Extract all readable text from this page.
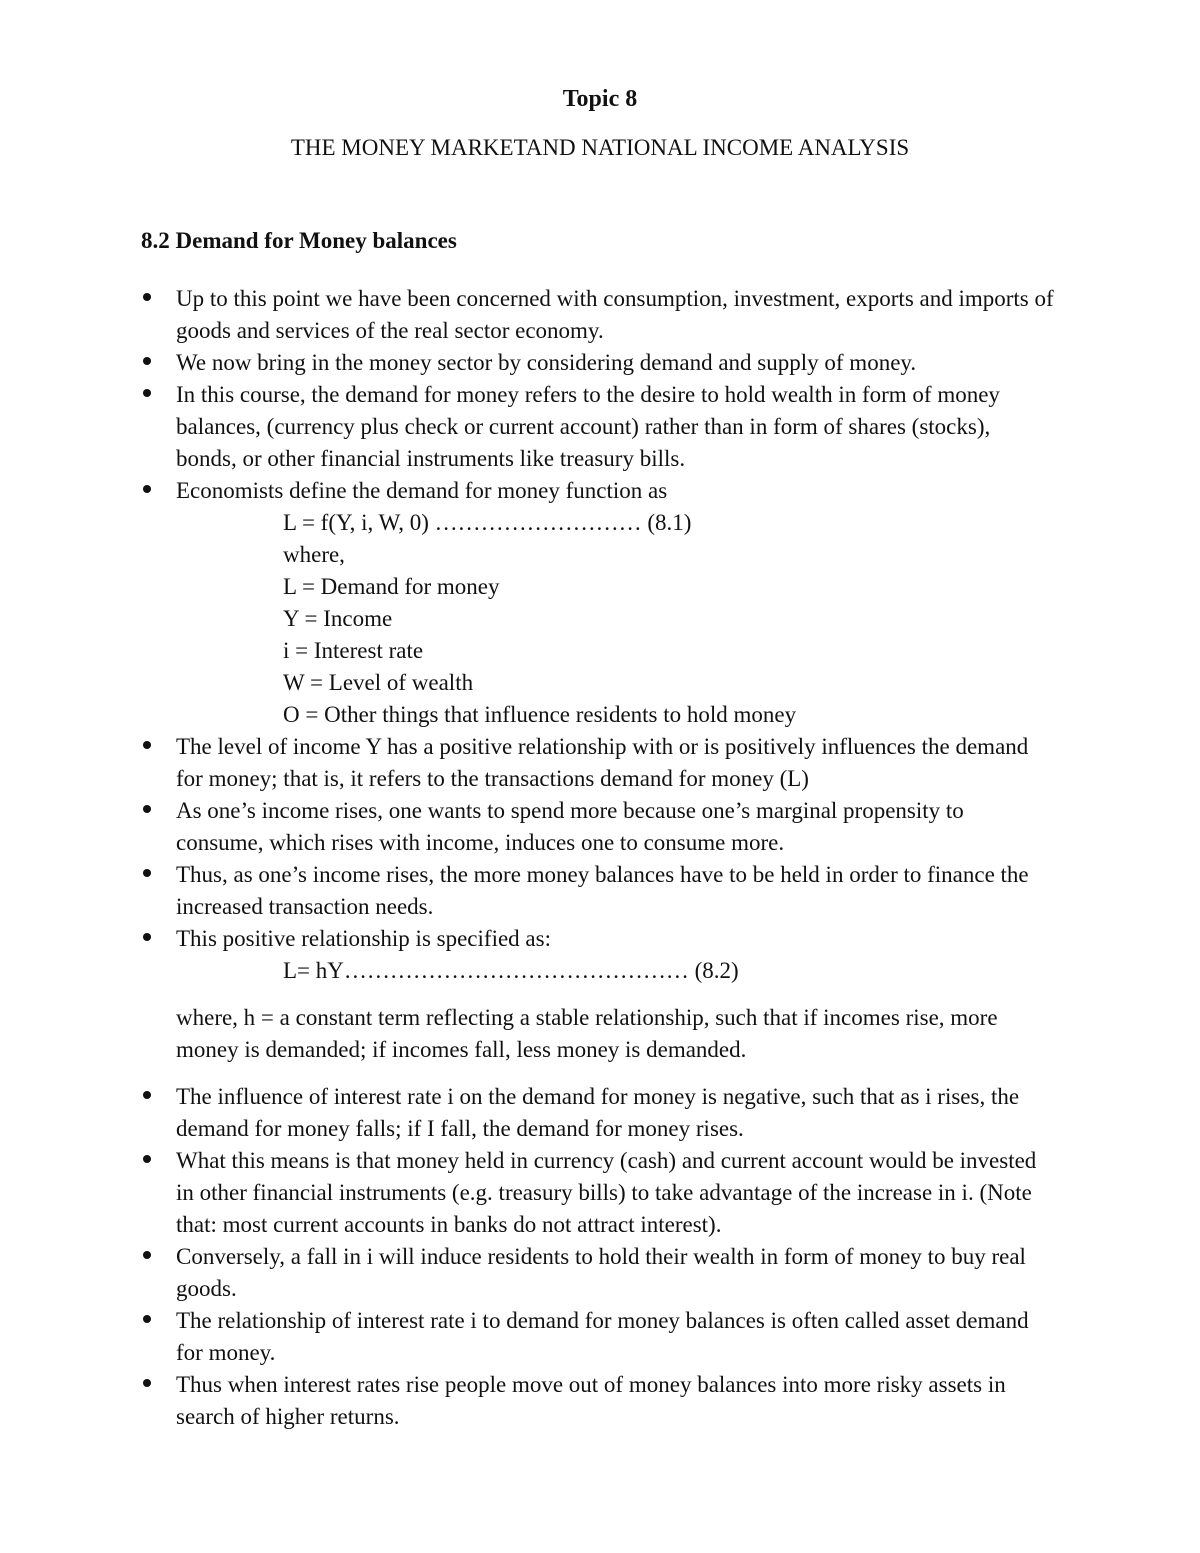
Topic 8
THE MONEY MARKETAND NATIONAL INCOME ANALYSIS
8.2 Demand for Money balances
Up to this point we have been concerned with consumption, investment, exports and imports of goods and services of the real sector economy.
We now bring in the money sector by considering demand and supply of money.
In this course, the demand for money refers to the desire to hold wealth in form of money balances, (currency plus check or current account) rather than in form of shares (stocks), bonds, or other financial instruments like treasury bills.
Economists define the demand for money function as
L = f(Y, i, W, 0) ……………………… (8.1)
where,
L = Demand for money
Y = Income
i = Interest rate
W = Level of wealth
O = Other things that influence residents to hold money
The level of income Y has a positive relationship with or is positively influences the demand for money; that is, it refers to the transactions demand for money (L)
As one’s income rises, one wants to spend more because one’s marginal propensity to consume, which rises with income, induces one to consume more.
Thus, as one’s income rises, the more money balances have to be held in order to finance the increased transaction needs.
This positive relationship is specified as:
L= hY……………………………………… (8.2)
where, h = a constant term reflecting a stable relationship, such that if incomes rise, more money is demanded; if incomes fall, less money is demanded.
The influence of interest rate i on the demand for money is negative, such that as i rises, the demand for money falls; if I fall, the demand for money rises.
What this means is that money held in currency (cash) and current account would be invested in other financial instruments (e.g. treasury bills) to take advantage of the increase in i. (Note that: most current accounts in banks do not attract interest).
Conversely, a fall in i will induce residents to hold their wealth in form of money to buy real goods.
The relationship of interest rate i to demand for money balances is often called asset demand for money.
Thus when interest rates rise people move out of money balances into more risky assets in search of higher returns.
